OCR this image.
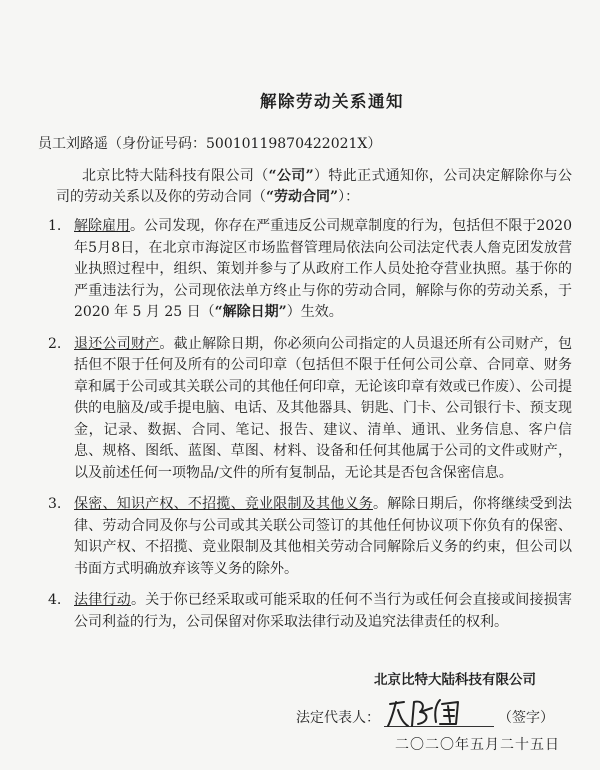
解除劳动关系通知
员工刘路遥（身份证号码：50010119870422021X）

北京比特大陆科技有限公司（“公司”）特此正式通知你，公司决定解除你与公司的劳动关系以及你的劳动合同（“劳动合同”）：

1. 解除雇用。公司发现，你存在严重违反公司规章制度的行为，包括但不限于2020年5月8日，在北京市海淀区市场监督管理局依法向公司法定代表人詹克团发放营业执照过程中，组织、策划并参与了从政府工作人员处抢夺营业执照。基于你的严重违法行为，公司现依法单方终止与你的劳动合同，解除与你的劳动关系，于 2020 年 5 月 25 日（“解除日期”）生效。
2. 退还公司财产。截止解除日期，你必须向公司指定的人员退还所有公司财产，包括但不限于任何及所有的公司印章（包括但不限于任何公司公章、合同章、财务章和属于公司或其关联公司的其他任何印章，无论该印章有效或已作废）、公司提供的电脑及/或手提电脑、电话、及其他器具、钥匙、门卡、公司银行卡、预支现金，记录、数据、合同、笔记、报告、建议、清单、通讯、业务信息、客户信息、规格、图纸、蓝图、草图、材料、设备和任何其他属于公司的文件或财产，以及前述任何一项物品/文件的所有复制品，无论其是否包含保密信息。
3. 保密、知识产权、不招揽、竞业限制及其他义务。解除日期后，你将继续受到法律、劳动合同及你与公司或其关联公司签订的其他任何协议项下你负有的保密、知识产权、不招揽、竞业限制及其他相关劳动合同解除后义务的约束，但公司以书面方式明确放弃该等义务的除外。
4. 法律行动。关于你已经采取或可能采取的任何不当行为或任何会直接或间接损害公司利益的行为，公司保留对你采取法律行动及追究法律责任的权利。
北京比特大陆科技有限公司
法定代表人：	（签字）
二〇二〇年五月二十五日
